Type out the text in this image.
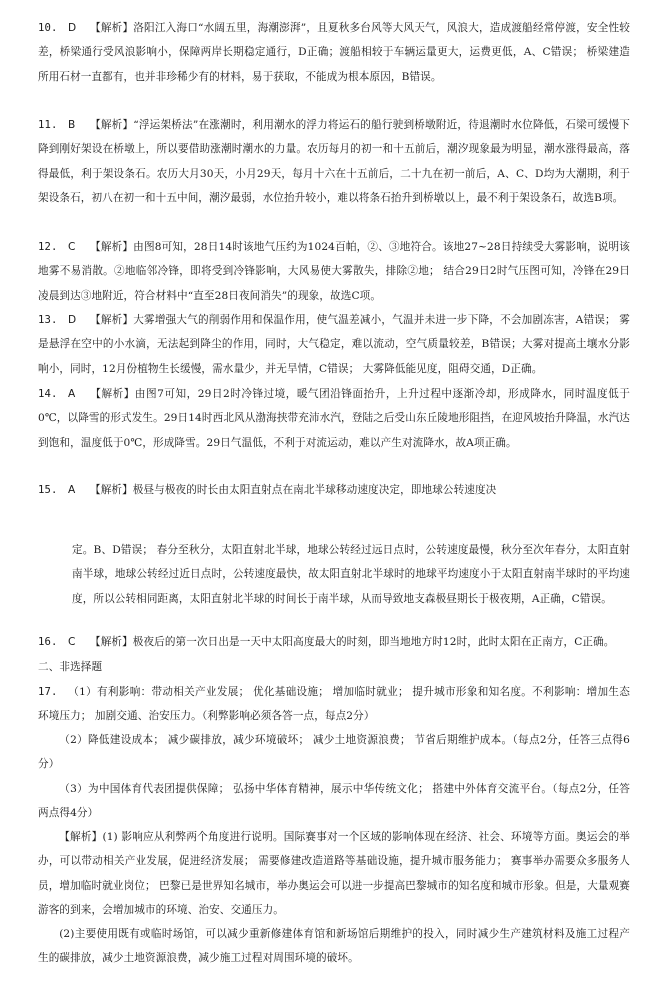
10. D 【解析】洛阳江入海口“水阔五里，海潮澎湃”，且夏秋多台风等大风天气，风浪大，造成渡船经常停渡，安全性较差，桥梁通行受风浪影响小，保障两岸长期稳定通行，D正确；渡船相较于车辆运量更大，运费更低，A、C错误； 桥梁建造所用石材一直都有，也并非珍稀少有的材料，易于获取，不能成为根本原因，B错误。
11. B 【解析】“浮运架桥法”在涨潮时，利用潮水的浮力将运石的船行驶到桥墩附近，待退潮时水位降低，石梁可缓慢下降到刚好架设在桥墩上，所以要借助涨潮时潮水的力量。农历每月的初一和十五前后，潮汐现象最为明显，潮水涨得最高，落得最低，利于架设条石。农历大月30天，小月29天，每月十六在十五前后，二十九在初一前后，A、C、D均为大潮期，利于架设条石，初八在初一和十五中间，潮汐最弱，水位抬升较小，难以将条石抬升到桥墩以上，最不利于架设条石，故选B项。
12. C 【解析】由图8可知，28日14时该地气压约为1024百帕，②、③地符合。该地27~28日持续受大雾影响，说明该地雾不易消散。②地临邻冷锋，即将受到冷锋影响，大风易使大雾散失，排除②地； 结合29日2时气压图可知，冷锋在29日凌晨到达③地附近，符合材料中“直至28日夜间消失”的现象，故选C项。
13. D 【解析】大雾增强大气的削弱作用和保温作用，使气温差减小，气温并未进一步下降，不会加剧冻害，A错误； 雾是悬浮在空中的小水滴，无法起到降尘的作用，同时，大气稳定，难以流动，空气质量较差，B错误；大雾对提高土壤水分影响小，同时，12月份植物生长缓慢，需水量少，并无旱情，C错误； 大雾降低能见度，阻碍交通，D正确。
14. A 【解析】由图7可知，29日2时冷锋过境，暖气团沿锋面抬升，上升过程中逐渐冷却，形成降水，同时温度低于0℃，以降雪的形式发生。29日14时西北风从渤海挟带充沛水汽，登陆之后受山东丘陵地形阻挡，在迎风坡抬升降温，水汽达到饱和，温度低于0℃，形成降雪。29日气温低，不利于对流运动，难以产生对流降水，故A项正确。
15. A 【解析】极昼与极夜的时长由太阳直射点在南北半球移动速度决定，即地球公转速度决
定。B、D错误； 春分至秋分，太阳直射北半球，地球公转经过远日点时，公转速度最慢，秋分至次年春分，太阳直射南半球，地球公转经过近日点时，公转速度最快，故太阳直射北半球时的地球平均速度小于太阳直射南半球时的平均速度，所以公转相同距离，太阳直射北半球的时间长于南半球，从而导致地支森极昼期长于极夜期，A正确，C错误。
16. C 【解析】极夜后的第一次日出是一天中太阳高度最大的时刻，即当地地方时12时，此时太阳在正南方，C正确。
二、非选择题
17. （1）有利影响：带动相关产业发展； 优化基础设施； 增加临时就业； 提升城市形象和知名度。不利影响：增加生态环境压力； 加剧交通、治安压力。（利弊影响必须各答一点，每点2分）
（2）降低建设成本； 减少碳排放，减少环境破坏； 减少土地资源浪费； 节省后期维护成本。（每点2分，任答三点得6分）
（3）为中国体育代表团提供保障； 弘扬中华体育精神，展示中华传统文化； 搭建中外体育交流平台。（每点2分，任答两点得4分）
【解析】(1) 影响应从利弊两个角度进行说明。国际赛事对一个区域的影响体现在经济、社会、环境等方面。奥运会的举办，可以带动相关产业发展，促进经济发展； 需要修建改造道路等基础设施，提升城市服务能力； 赛事举办需要众多服务人员，增加临时就业岗位； 巴黎已是世界知名城市，举办奥运会可以进一步提高巴黎城市的知名度和城市形象。但是，大量观赛游客的到来，会增加城市的环境、治安、交通压力。
(2)主要使用既有或临时场馆，可以减少重新修建体育馆和新场馆后期维护的投入，同时减少生产建筑材料及施工过程产生的碳排放，减少土地资源浪费，减少施工过程对周围环境的破坏。
